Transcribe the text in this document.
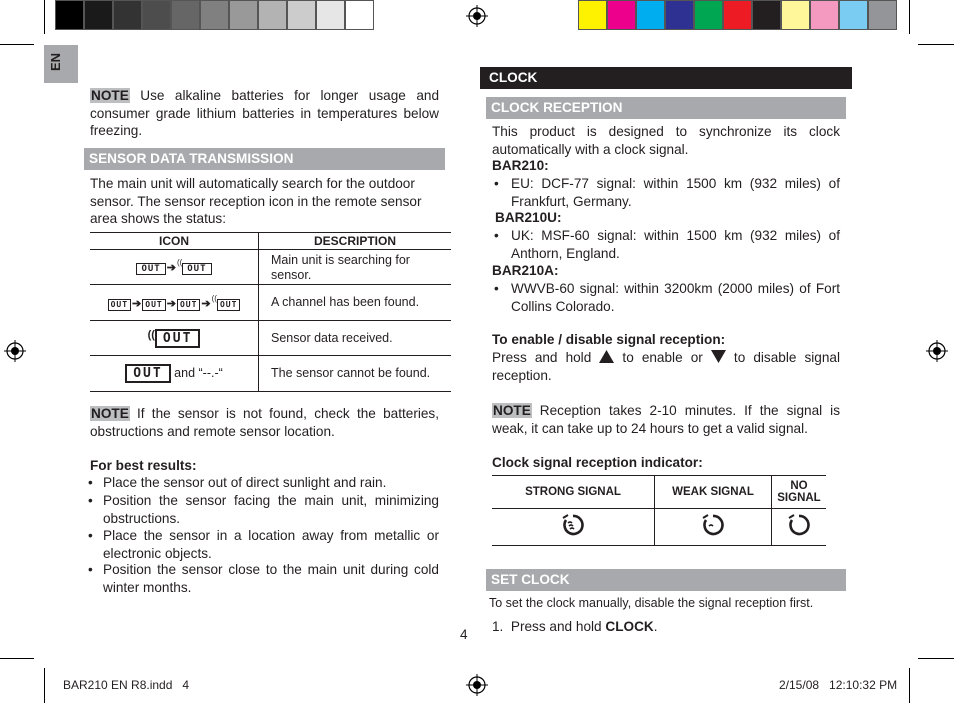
EN
NOTE Use alkaline batteries for longer usage and consumer grade lithium batteries in temperatures below freezing.
SENSOR DATA TRANSMISSION
The main unit will automatically search for the outdoor sensor. The sensor reception icon in the remote sensor area shows the status:
ICON	DESCRIPTION
OUT ➔((OUT	Main unit is searching for sensor.
OUT ➔ OUT ➔ OUT ➔((OUT	A channel has been found.
(( OUT	Sensor data received.
OUT and “--.-“	The sensor cannot be found.
NOTE If the sensor is not found, check the batteries, obstructions and remote sensor location.
For best results:
• Place the sensor out of direct sunlight and rain.
• Position the sensor facing the main unit, minimizing obstructions.
• Place the sensor in a location away from metallic or electronic objects.
• Position the sensor close to the main unit during cold winter months.
4
CLOCK
CLOCK RECEPTION
This product is designed to synchronize its clock automatically with a clock signal.
BAR210:
• EU: DCF-77 signal: within 1500 km (932 miles) of Frankfurt, Germany.
BAR210U:
• UK: MSF-60 signal: within 1500 km (932 miles) of Anthorn, England.
BAR210A:
• WWVB-60 signal: within 3200km (2000 miles) of Fort Collins Colorado.
To enable / disable signal reception:
Press and hold  to enable or  to disable signal reception.
NOTE Reception takes 2-10 minutes. If the signal is weak, it can take up to 24 hours to get a valid signal.
Clock signal reception indicator:
STRONG SIGNAL	WEAK SIGNAL	NO SIGNAL

SET CLOCK
To set the clock manually, disable the signal reception first.
1. Press and hold CLOCK.
BAR210 EN R8.indd   4	2/15/08   12:10:32 PM
